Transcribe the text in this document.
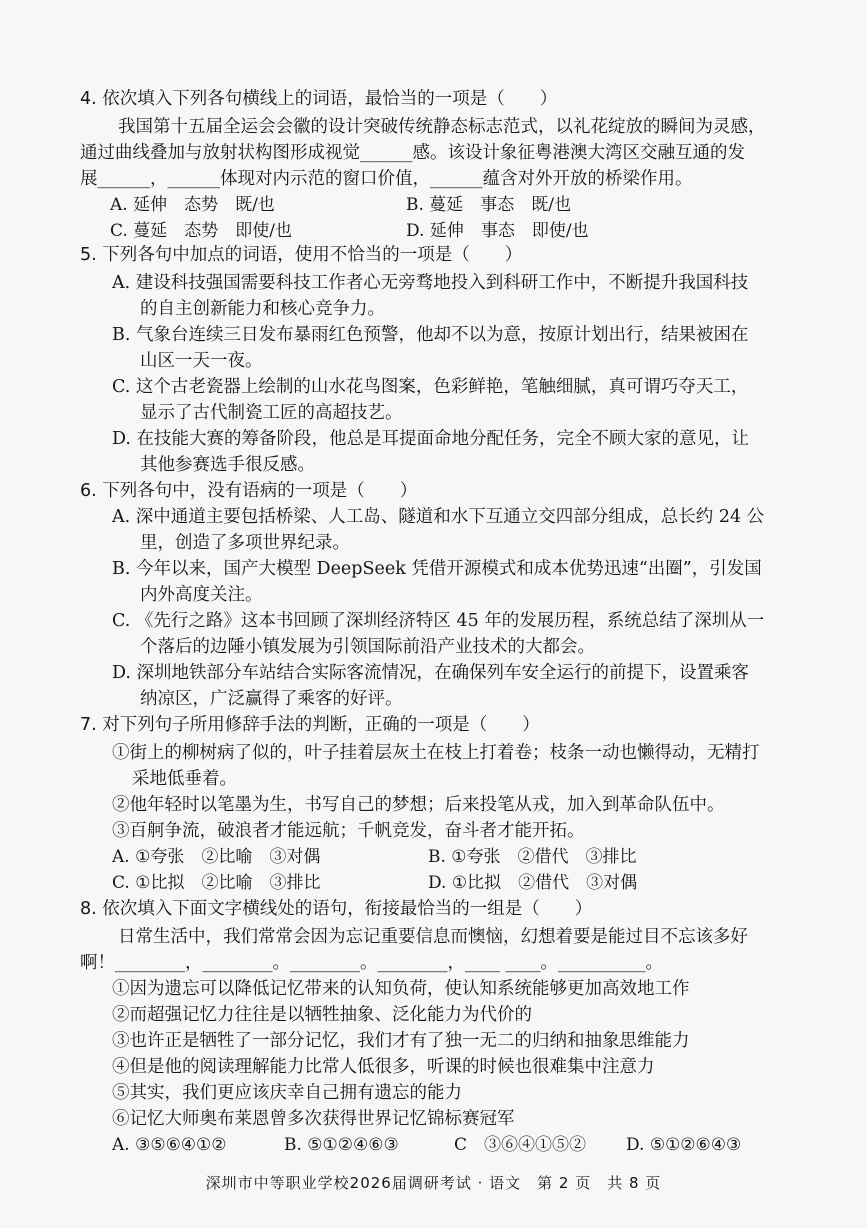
4. 依次填入下列各句横线上的词语，最恰当的一项是（　　）
我国第十五届全运会会徽的设计突破传统静态标志范式，以礼花绽放的瞬间为灵感，
通过曲线叠加与放射状构图形成视觉______感。该设计象征粤港澳大湾区交融互通的发
展______，______体现对内示范的窗口价值，______蕴含对外开放的桥梁作用。
A. 延伸　态势　既/也	B. 蔓延　事态　既/也
C. 蔓延　态势　即使/也	D. 延伸　事态　即使/也
5. 下列各句中加点的词语，使用不恰当的一项是（　　）
A. 建设科技强国需要科技工作者心无旁骛地投入到科研工作中，不断提升我国科技
的自主创新能力和核心竞争力。
B. 气象台连续三日发布暴雨红色预警，他却不以为意，按原计划出行，结果被困在
山区一天一夜。
C. 这个古老瓷器上绘制的山水花鸟图案，色彩鲜艳，笔触细腻，真可谓巧夺天工，
显示了古代制瓷工匠的高超技艺。
D. 在技能大赛的筹备阶段，他总是耳提面命地分配任务，完全不顾大家的意见，让
其他参赛选手很反感。
6. 下列各句中，没有语病的一项是（　　）
A. 深中通道主要包括桥梁、人工岛、隧道和水下互通立交四部分组成，总长约 24 公
里，创造了多项世界纪录。
B. 今年以来，国产大模型 DeepSeek 凭借开源模式和成本优势迅速“出圈”，引发国
内外高度关注。
C. 《先行之路》这本书回顾了深圳经济特区 45 年的发展历程，系统总结了深圳从一
个落后的边陲小镇发展为引领国际前沿产业技术的大都会。
D. 深圳地铁部分车站结合实际客流情况，在确保列车安全运行的前提下，设置乘客
纳凉区，广泛赢得了乘客的好评。
7. 对下列句子所用修辞手法的判断，正确的一项是（　　）
①街上的柳树病了似的，叶子挂着层灰土在枝上打着卷；枝条一动也懒得动，无精打
采地低垂着。
②他年轻时以笔墨为生，书写自己的梦想；后来投笔从戎，加入到革命队伍中。
③百舸争流，破浪者才能远航；千帆竞发，奋斗者才能开拓。
A. ①夸张　②比喻　③对偶	B. ①夸张　②借代　③排比
C. ①比拟　②比喻　③排比	D. ①比拟　②借代　③对偶
8. 依次填入下面文字横线处的语句，衔接最恰当的一组是（　　）
日常生活中，我们常常会因为忘记重要信息而懊恼，幻想着要是能过目不忘该多好
啊！________，________。________。________，____ ____。__________。
①因为遗忘可以降低记忆带来的认知负荷，使认知系统能够更加高效地工作
②而超强记忆力往往是以牺牲抽象、泛化能力为代价的
③也许正是牺牲了一部分记忆，我们才有了独一无二的归纳和抽象思维能力
④但是他的阅读理解能力比常人低很多，听课的时候也很难集中注意力
⑤其实，我们更应该庆幸自己拥有遗忘的能力
⑥记忆大师奥布莱恩曾多次获得世界记忆锦标赛冠军
A. ③⑤⑥④①②	B. ⑤①②④⑥③	C　③⑥④①⑤② D. ⑤①②⑥④③
深圳市中等职业学校2026届调研考试 · 语文　第 2 页　共 8 页
